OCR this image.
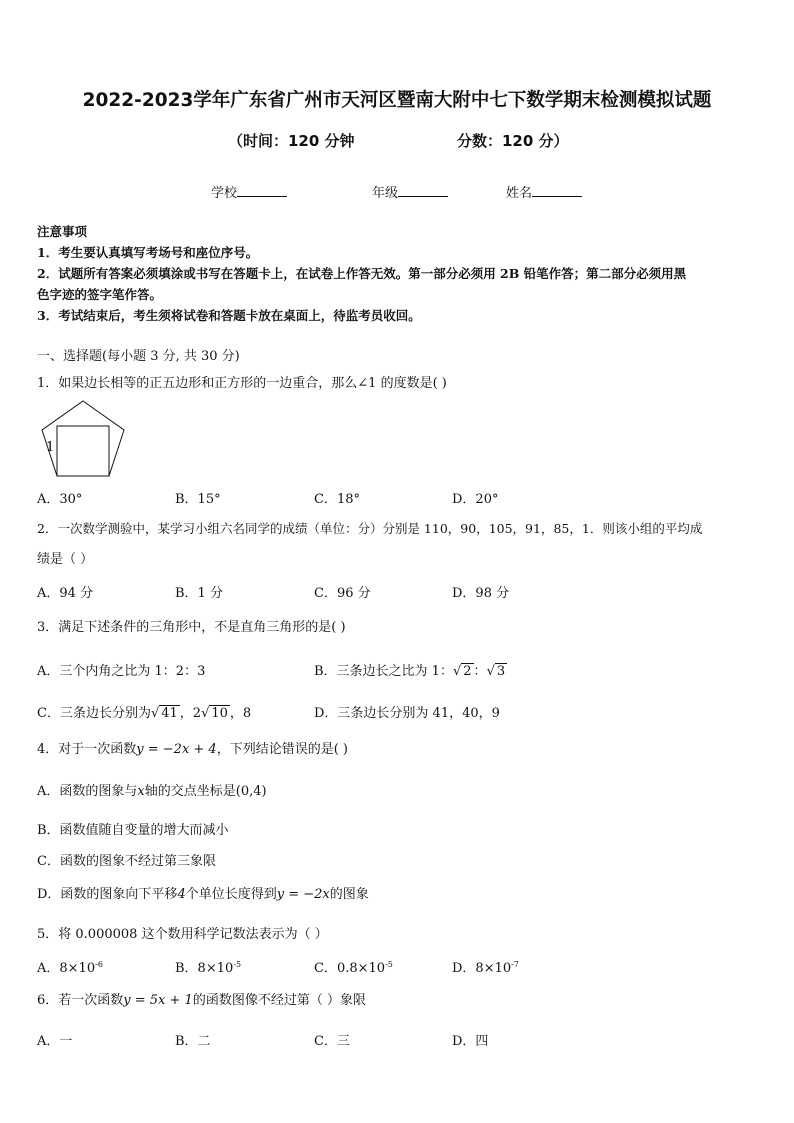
2022-2023学年广东省广州市天河区暨南大附中七下数学期末检测模拟试题
（时间：120 分钟	分数：120 分）
学校	年级	姓名
注意事项
1．考生要认真填写考场号和座位序号。
2．试题所有答案必须填涂或书写在答题卡上，在试卷上作答无效。第一部分必须用 2B 铅笔作答；第二部分必须用黑
色字迹的签字笔作答。
3．考试结束后，考生须将试卷和答题卡放在桌面上，待监考员收回。
一、选择题(每小题 3 分, 共 30 分)
1．如果边长相等的正五边形和正方形的一边重合，那么∠1 的度数是( )
1
A．30°	B．15°	C．18°	D．20°
2．一次数学测验中，某学习小组六名同学的成绩（单位：分）分别是 110，90，105，91，85，1．则该小组的平均成
绩是（ ）
A．94 分	B．1 分	C．96 分	D．98 分
3．满足下述条件的三角形中，不是直角三角形的是( )
A．三个内角之比为 1：2：3	B．三条边长之比为 1：√ 2 ：√ 3
C．三条边长分别为√ 41 ，2√ 10 ，8	D．三条边长分别为 41，40，9
4．对于一次函数y = −2x + 4，下列结论错误的是( )
A．函数的图象与x轴的交点坐标是(0,4)
B．函数值随自变量的增大而减小
C．函数的图象不经过第三象限
D．函数的图象向下平移4个单位长度得到y = −2x的图象
5．将 0.000008 这个数用科学记数法表示为（ ）
A．$8\times 10^{-6}$	B．$8\times 10^{-5}$	C．$0.8\times 10^{-5}$	D．$8\times 10^{-7}$
6．若一次函数y = 5x + 1的函数图像不经过第（ ）象限
A．一	B．二	C．三	D．四
